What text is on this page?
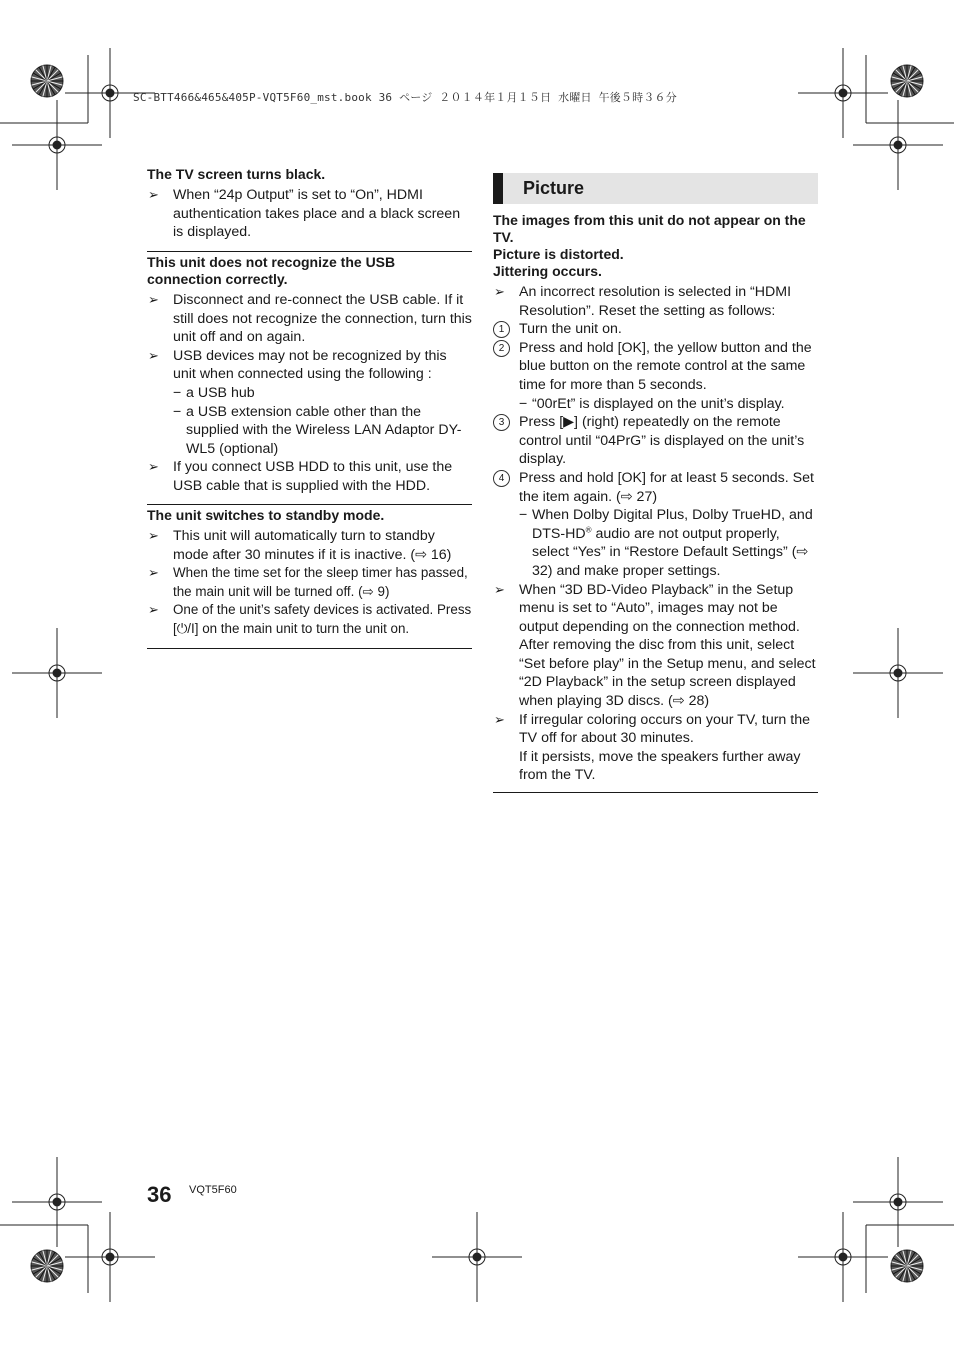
SC-BTT466&465&405P-VQT5F60_mst.book 36 ページ ２０１４年１月１５日 水曜日 午後５時３６分

The TV screen turns black.

➢ When “24p Output” is set to “On”, HDMI authentication takes place and a black screen is displayed.

This unit does not recognize the USB connection correctly.

➢ Disconnect and re-connect the USB cable. If it still does not recognize the connection, turn this unit off and on again.
➢ USB devices may not be recognized by this unit when connected using the following :
− a USB hub
− a USB extension cable other than the supplied with the Wireless LAN Adaptor DY-WL5 (optional)
➢ If you connect USB HDD to this unit, use the USB cable that is supplied with the HDD.

The unit switches to standby mode.

➢ This unit will automatically turn to standby mode after 30 minutes if it is inactive. (⇨ 16)
➢	When the time set for the sleep timer has passed, the main unit will be turned off. (⇨ 9)
➢	One of the unit’s safety devices is activated. Press [⏻/I] on the main unit to turn the unit on.
Picture

The images from this unit do not appear on the TV.

Picture is distorted.

Jittering occurs.

➢ An incorrect resolution is selected in “HDMI Resolution”. Reset the setting as follows:
1	Turn the unit on.
2	Press and hold [OK], the yellow button and the blue button on the remote control at the same time for more than 5 seconds.
− “00rEt” is displayed on the unit’s display.
3	Press [▶] (right) repeatedly on the remote control until “04PrG” is displayed on the unit’s display.
4	Press and hold [OK] for at least 5 seconds. Set the item again. (⇨ 27)
− When Dolby Digital Plus, Dolby TrueHD, and DTS-HD® audio are not output properly, select “Yes” in “Restore Default Settings” (⇨ 32) and make proper settings.
➢ When “3D BD-Video Playback” in the Setup menu is set to “Auto”, images may not be output depending on the connection method. After removing the disc from this unit, select “Set before play” in the Setup menu, and select “2D Playback” in the setup screen displayed when playing 3D discs. (⇨ 28)
➢ If irregular coloring occurs on your TV, turn the TV off for about 30 minutes.
If it persists, move the speakers further away from the TV.
36 VQT5F60
